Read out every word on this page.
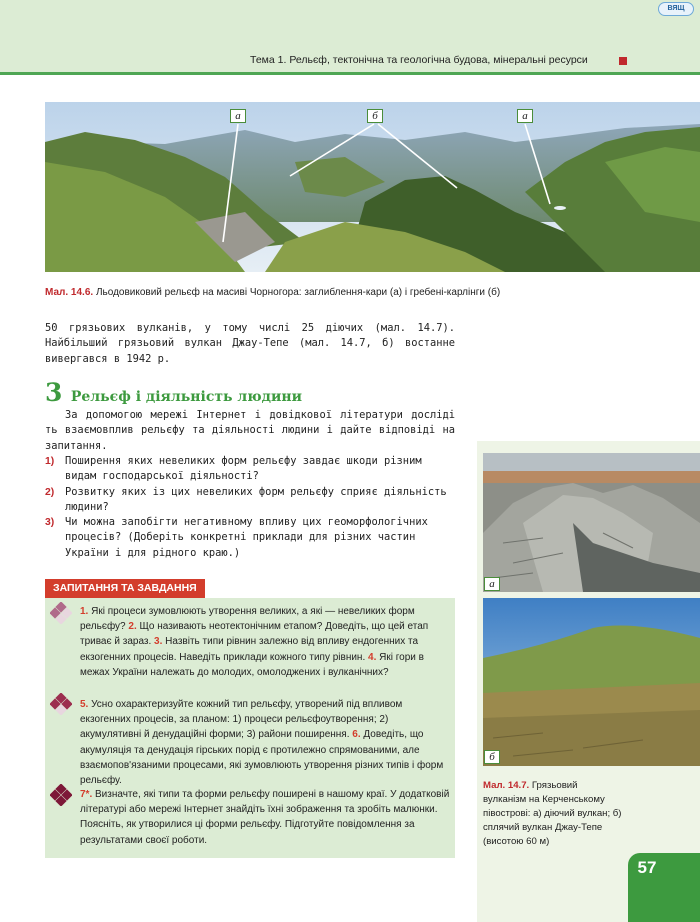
ВЯЩ
Тема 1. Рельєф, тектонічна та геологічна будова, мінеральні ресурси
а	б	а
Мал. 14.6. Льодовиковий рельєф на масиві Чорногора: заглиблення-кари (а) і гребені-карлінги (б)
50 грязьових вулканів, у тому числі 25 діючих (мал. 14.7). Найбільший грязьовий вулкан Джау-Тепе (мал. 14.7, б) востанне вивергався в 1942 р.
3 Рельєф і діяльність людини
За допомогою мережі Інтернет і довідкової літератури досліді ть взаємовплив рельєфу та діяльності людини і дайте відповіді на запитання.
1) Поширення яких невеликих форм рельєфу завдає шкоди різним видам господарської діяльності?
2) Розвитку яких із цих невеликих форм рельєфу сприяє діяльність людини?
3) Чи можна запобігти негативному впливу цих геоморфологічних процесів? (Доберіть конкретні приклади для різних частин України і для рідного краю.)
ЗАПИТАННЯ ТА ЗАВДАННЯ
1. Які процеси зумовлюють утворення великих, а які — невеликих форм рельєфу? 2. Що називають неотектонічним етапом? Доведіть, що цей етап триває й зараз. 3. Назвіть типи рівнин залежно від впливу ендогенних та екзогенних процесів. Наведіть приклади кожного типу рівнин. 4. Які гори в межах України належать до молодих, омолоджених і вулканічних?
5. Усно охарактеризуйте кожний тип рельєфу, утворений під впливом екзогенних процесів, за планом: 1) процеси рельєфоутворення; 2) акумулятивні й денудаційні форми; 3) райони поширення. 6. Доведіть, що акумуляція та денудація гірських порід є протилежно спрямованими, але взаємопов'язаними процесами, які зумовлюють утворення різних типів і форм рельєфу.
7*. Визначте, які типи та форми рельєфу поширені в нашому краї. У додатковій літературі або мережі Інтернет знайдіть їхні зображення та зробіть малюнки. Поясніть, як утворилися ці форми рельєфу. Підготуйте повідомлення за результатами своєї роботи.
а
б
Мал. 14.7. Грязьовий вулканізм на Керченському півострові: а) діючий вулкан; б) сплячий вулкан Джау-Тепе (висотою 60 м)
57
